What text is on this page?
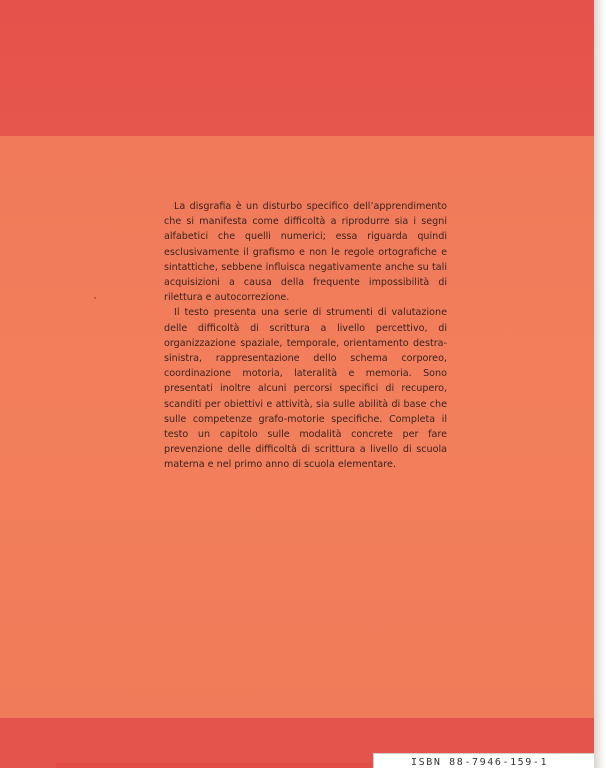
La disgrafia è un disturbo specifico dell’apprendimento che si manifesta come difficoltà a riprodurre sia i segni alfabetici che quelli numerici; essa riguarda quindi esclusivamente il grafismo e non le regole ortografiche e sintattiche, sebbene influisca negativamente anche su tali acquisizioni a causa della frequente impossibilità di rilettura e autocorrezione.

Il testo presenta una serie di strumenti di valutazione delle difficoltà di scrittura a livello percettivo, di organizzazione spaziale, temporale, orientamento destra-sinistra, rappresentazione dello schema corporeo, coordinazione motoria, lateralità e memoria. Sono presentati inoltre alcuni percorsi specifici di recupero, scanditi per obiettivi e attività, sia sulle abilità di base che sulle competenze grafo-motorie specifiche. Completa il testo un capitolo sulle modalità concrete per fare prevenzione delle difficoltà di scrittura a livello di scuola materna e nel primo anno di scuola elementare.

ISBN 88-7946-159-1
